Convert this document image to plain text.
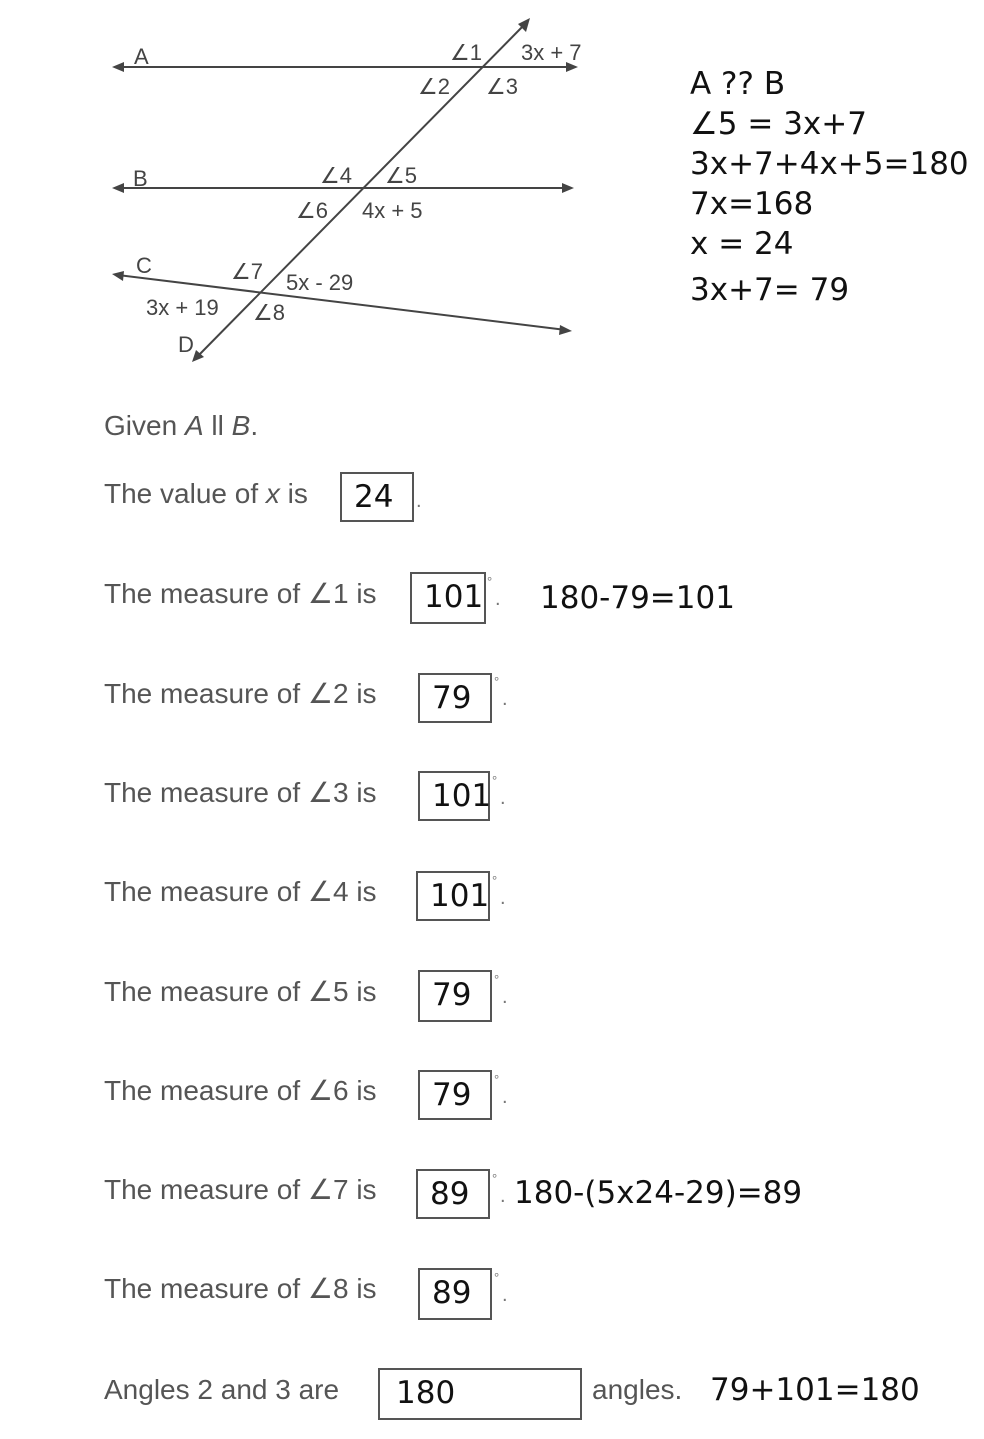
A
B
C
D
∠1 3x + 7
∠2 ∠3
∠4 ∠5
∠6 4x + 5
∠7 5x - 29
3x + 19 ∠8
A ?? B
∠5 = 3x+7
3x+7+4x+5=180
7x=168
x = 24
3x+7= 79
Given A ll B.
The value of x is	24	.
The measure of ∠1 is	101 °
. 180-79=101
The measure of ∠2 is	79	°
.
The measure of ∠3 is	101 °
.
The measure of ∠4 is	101 °
.
The measure of ∠5 is	79	°
.
The measure of ∠6 is	79	°
.
The measure of ∠7 is	89	°
. 180-(5x24-29)=89
The measure of ∠8 is	89	°
.
Angles 2 and 3 are	180	angles. 79+101=180
